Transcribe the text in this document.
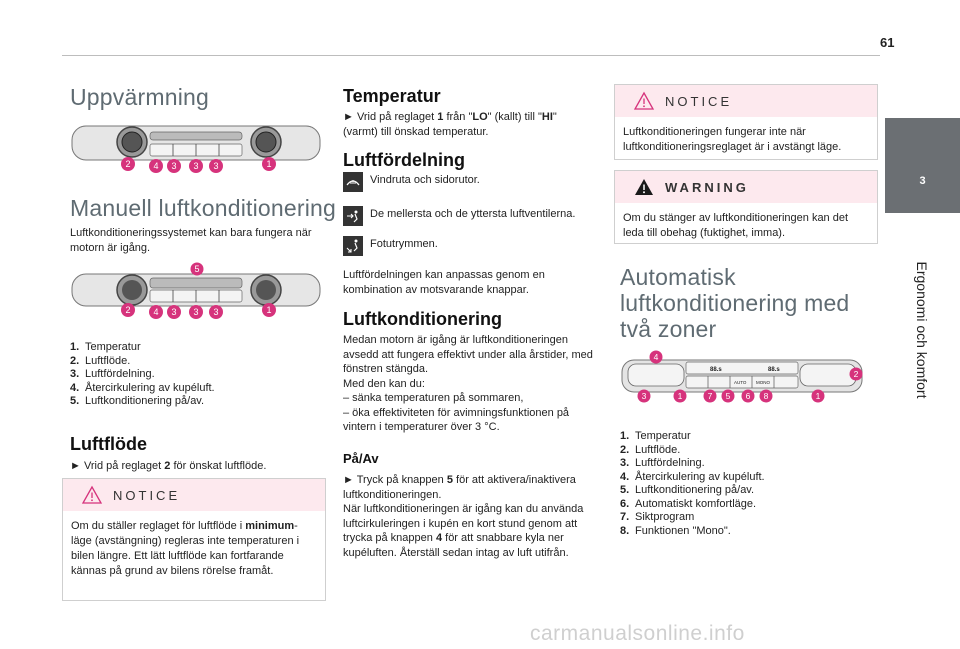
61
3
Ergonomi och komfort
Uppvärmning
2	4 3 3 3	1
Manuell luftkonditionering

Luftkonditioneringssystemet kan bara fungera när motorn är igång.

5
2	4 3 3 3	1
1. Temperatur
2. Luftflöde.
3. Luftfördelning.
4. Återcirkulering av kupéluft.
5. Luftkonditionering på/av.
Luftflöde

► Vrid på reglaget 2 för önskat luftflöde.

NOTICE

Om du ställer reglaget för luftflöde i minimum-läge (avstängning) regleras inte temperaturen i bilen längre. Ett lätt luftflöde kan fortfarande kännas på grund av bilens rörelse framåt.

Temperatur

► Vrid på reglaget 1 från "LO" (kallt) till "HI" (varmt) till önskad temperatur.

Luftfördelning
Vindruta och sidorutor.
De mellersta och de yttersta luftventilerna.
Fotutrymmen.

Luftfördelningen kan anpassas genom en kombination av motsvarande knappar.

Luftkonditionering

Medan motorn är igång är luftkonditioneringen avsedd att fungera effektivt under alla årstider, med fönstren stängda.

Med den kan du:

– sänka temperaturen på sommaren,

– öka effektiviteten för avimningsfunktionen på vintern i temperaturer över 3 °C.

På/Av

► Tryck på knappen 5 för att aktivera/inaktivera luftkonditioneringen.

När luftkonditioneringen är igång kan du använda luftcirkuleringen i kupén en kort stund genom att trycka på knappen 4 för att snabbare kyla ner kupéluften. Återställ sedan intag av luft utifrån.

NOTICE

Luftkonditioneringen fungerar inte när luftkonditioneringsreglaget är i avstängt läge.

WARNING

Om du stänger av luftkonditioneringen kan det leda till obehag (fuktighet, imma).

Automatisk luftkonditionering med två zoner
88.s	88.s
AUTO MONO
4
2
3	1	7 5 6 8	1
1. Temperatur
2. Luftflöde.
3. Luftfördelning.
4. Återcirkulering av kupéluft.
5. Luftkonditionering på/av.
6. Automatiskt komfortläge.
7. Siktprogram
8. Funktionen "Mono".
carmanualsonline.info
